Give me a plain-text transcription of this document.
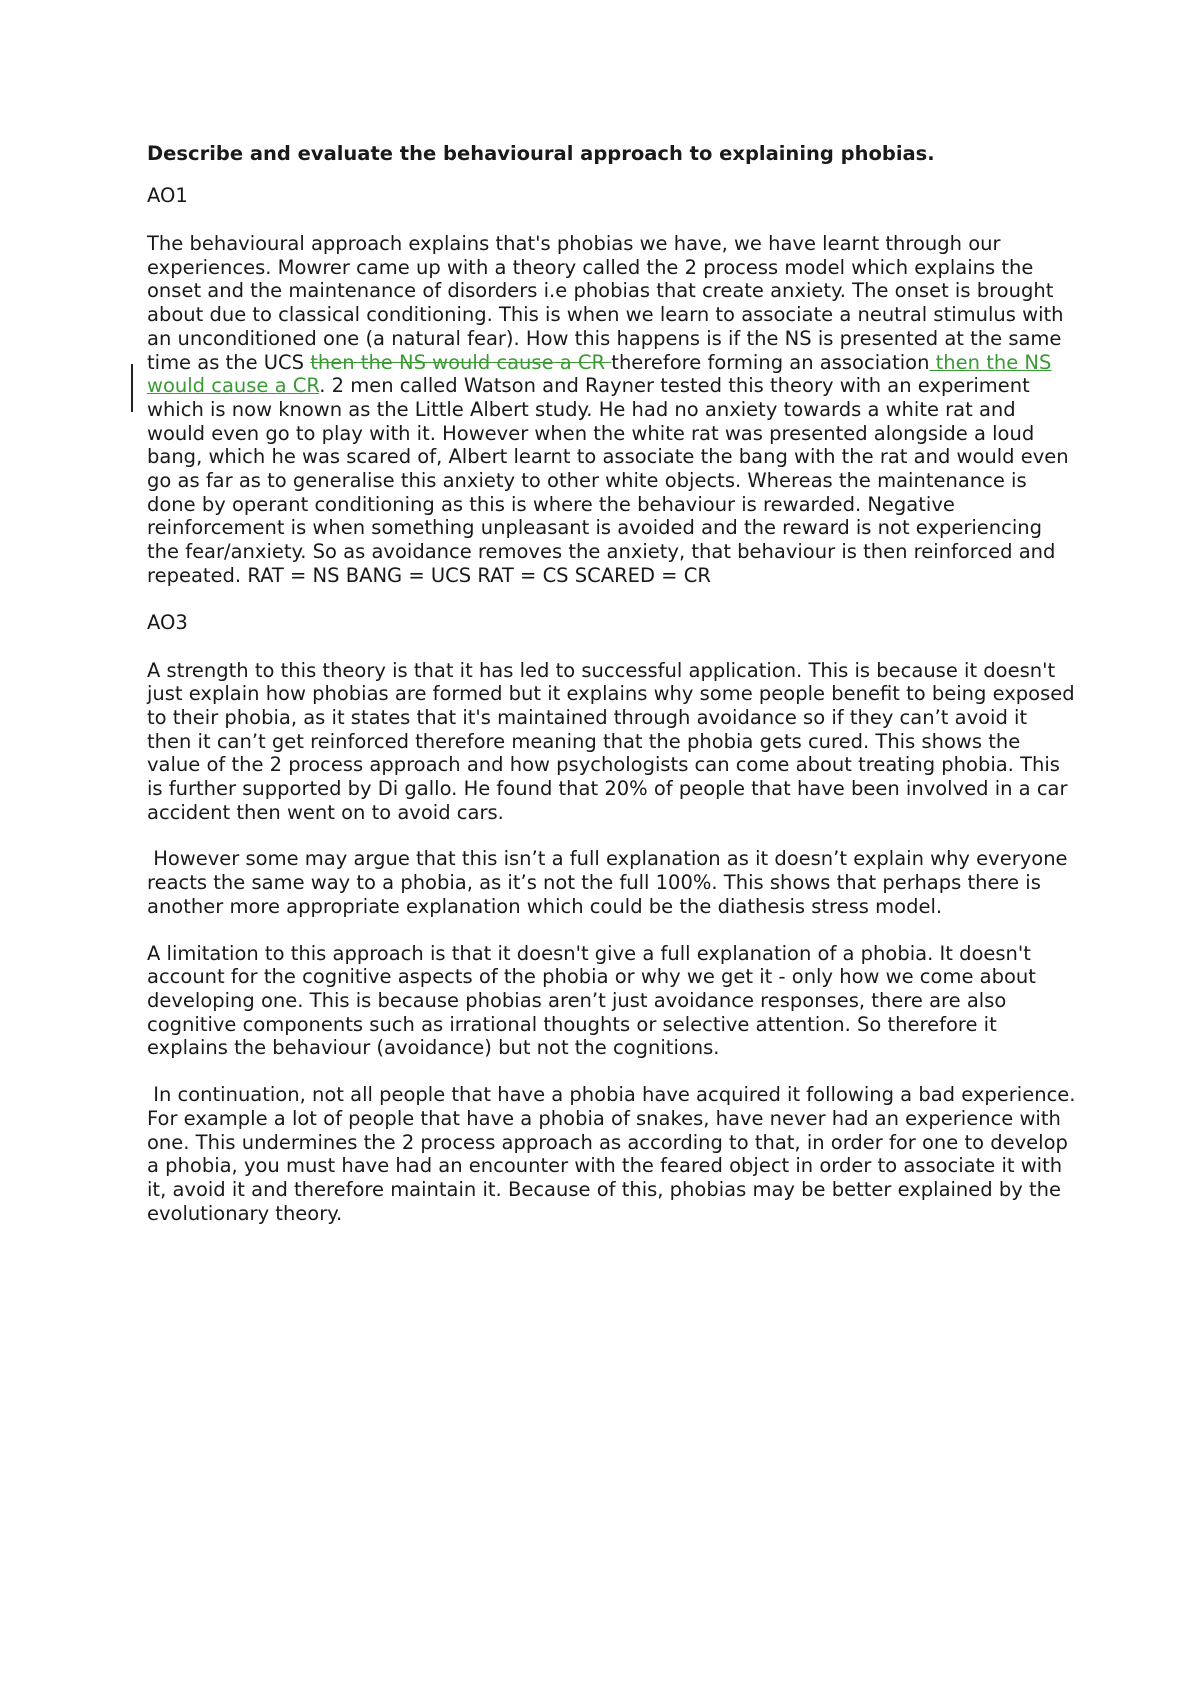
Describe and evaluate the behavioural approach to explaining phobias.
AO1

The behavioural approach explains that's phobias we have, we have learnt through our experiences. Mowrer came up with a theory called the 2 process model which explains the onset and the maintenance of disorders i.e phobias that create anxiety. The onset is brought about due to classical conditioning. This is when we learn to associate a neutral stimulus with an unconditioned one (a natural fear). How this happens is if the NS is presented at the same time as the UCS then the NS would cause a CR therefore forming an association then the NS would cause a CR. 2 men called Watson and Rayner tested this theory with an experiment which is now known as the Little Albert study. He had no anxiety towards a white rat and would even go to play with it. However when the white rat was presented alongside a loud bang, which he was scared of, Albert learnt to associate the bang with the rat and would even go as far as to generalise this anxiety to other white objects. Whereas the maintenance is done by operant conditioning as this is where the behaviour is rewarded. Negative reinforcement is when something unpleasant is avoided and the reward is not experiencing the fear/anxiety. So as avoidance removes the anxiety, that behaviour is then reinforced and repeated. RAT = NS BANG = UCS RAT = CS SCARED = CR

AO3

A strength to this theory is that it has led to successful application. This is because it doesn't just explain how phobias are formed but it explains why some people benefit to being exposed to their phobia, as it states that it's maintained through avoidance so if they can’t avoid it then it can’t get reinforced therefore meaning that the phobia gets cured. This shows the value of the 2 process approach and how psychologists can come about treating phobia. This is further supported by Di gallo. He found that 20% of people that have been involved in a car accident then went on to avoid cars.

However some may argue that this isn’t a full explanation as it doesn’t explain why everyone reacts the same way to a phobia, as it’s not the full 100%. This shows that perhaps there is another more appropriate explanation which could be the diathesis stress model.

A limitation to this approach is that it doesn't give a full explanation of a phobia. It doesn't account for the cognitive aspects of the phobia or why we get it - only how we come about developing one. This is because phobias aren’t just avoidance responses, there are also cognitive components such as irrational thoughts or selective attention. So therefore it explains the behaviour (avoidance) but not the cognitions.

In continuation, not all people that have a phobia have acquired it following a bad experience. For example a lot of people that have a phobia of snakes, have never had an experience with one. This undermines the 2 process approach as according to that, in order for one to develop a phobia, you must have had an encounter with the feared object in order to associate it with it, avoid it and therefore maintain it. Because of this, phobias may be better explained by the evolutionary theory.
